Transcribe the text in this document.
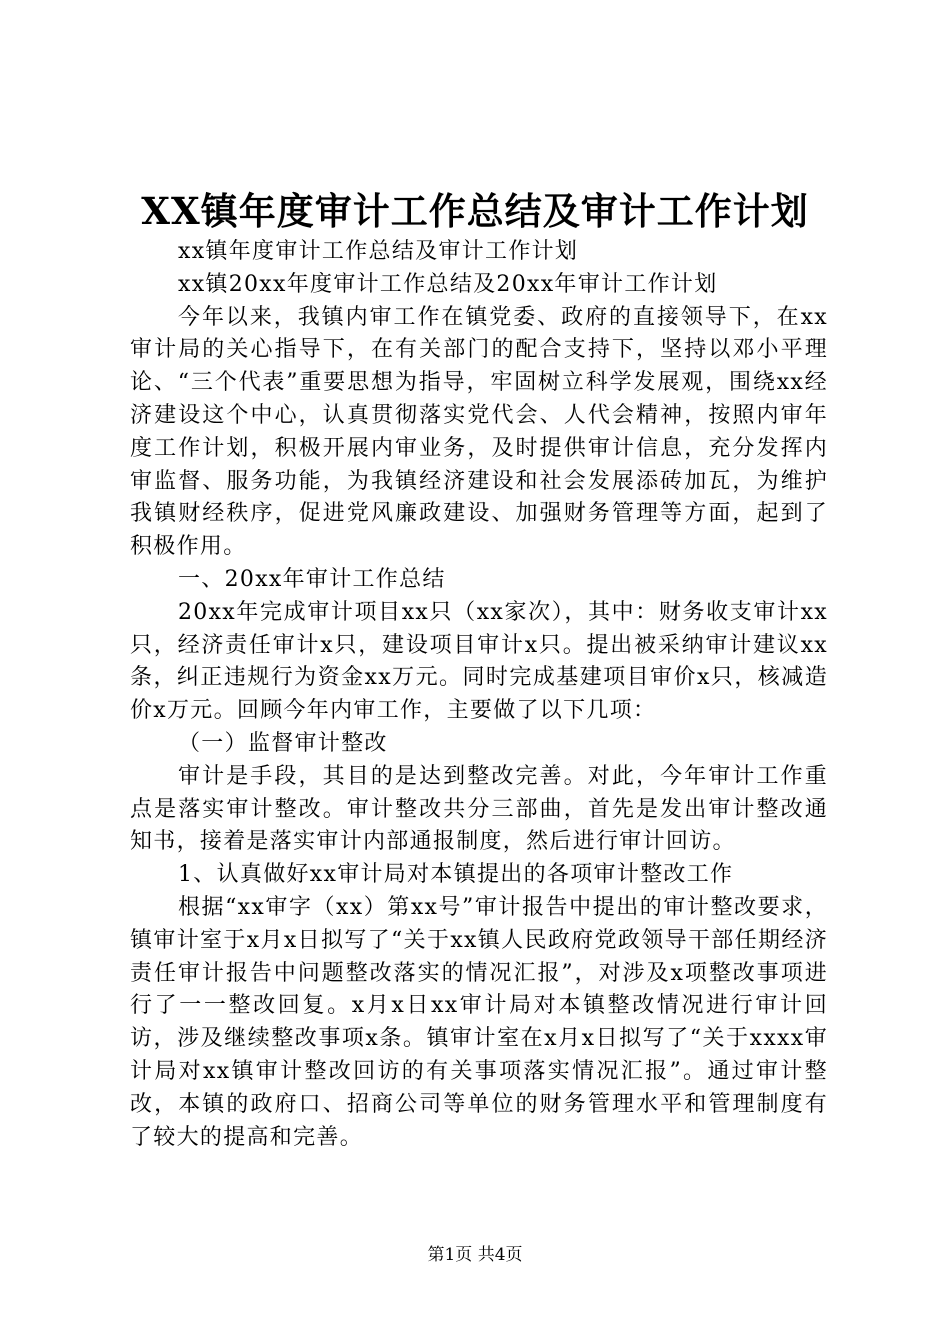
XX镇年度审计工作总结及审计工作计划

xx镇年度审计工作总结及审计工作计划

xx镇20xx年度审计工作总结及20xx年审计工作计划

今年以来，我镇内审工作在镇党委、政府的直接领导下，在xx审计局的关心指导下，在有关部门的配合支持下，坚持以邓小平理论、“三个代表”重要思想为指导，牢固树立科学发展观，围绕xx经济建设这个中心，认真贯彻落实党代会、人代会精神，按照内审年度工作计划，积极开展内审业务，及时提供审计信息，充分发挥内审监督、服务功能，为我镇经济建设和社会发展添砖加瓦，为维护我镇财经秩序，促进党风廉政建设、加强财务管理等方面，起到了积极作用。

一、20xx年审计工作总结

20xx年完成审计项目xx只（xx家次），其中：财务收支审计xx只，经济责任审计x只，建设项目审计x只。提出被采纳审计建议xx条，纠正违规行为资金xx万元。同时完成基建项目审价x只，核减造价x万元。回顾今年内审工作，主要做了以下几项：

（一）监督审计整改

审计是手段，其目的是达到整改完善。对此，今年审计工作重点是落实审计整改。审计整改共分三部曲，首先是发出审计整改通知书，接着是落实审计内部通报制度，然后进行审计回访。

1、认真做好xx审计局对本镇提出的各项审计整改工作

根据“xx审字（xx）第xx号”审计报告中提出的审计整改要求，镇审计室于x月x日拟写了“关于xx镇人民政府党政领导干部任期经济责任审计报告中问题整改落实的情况汇报”，对涉及x项整改事项进行了一一整改回复。x月x日xx审计局对本镇整改情况进行审计回访，涉及继续整改事项x条。镇审计室在x月x日拟写了“关于xxxx审计局对xx镇审计整改回访的有关事项落实情况汇报”。通过审计整改，本镇的政府口、招商公司等单位的财务管理水平和管理制度有了较大的提高和完善。

第1页 共4页
